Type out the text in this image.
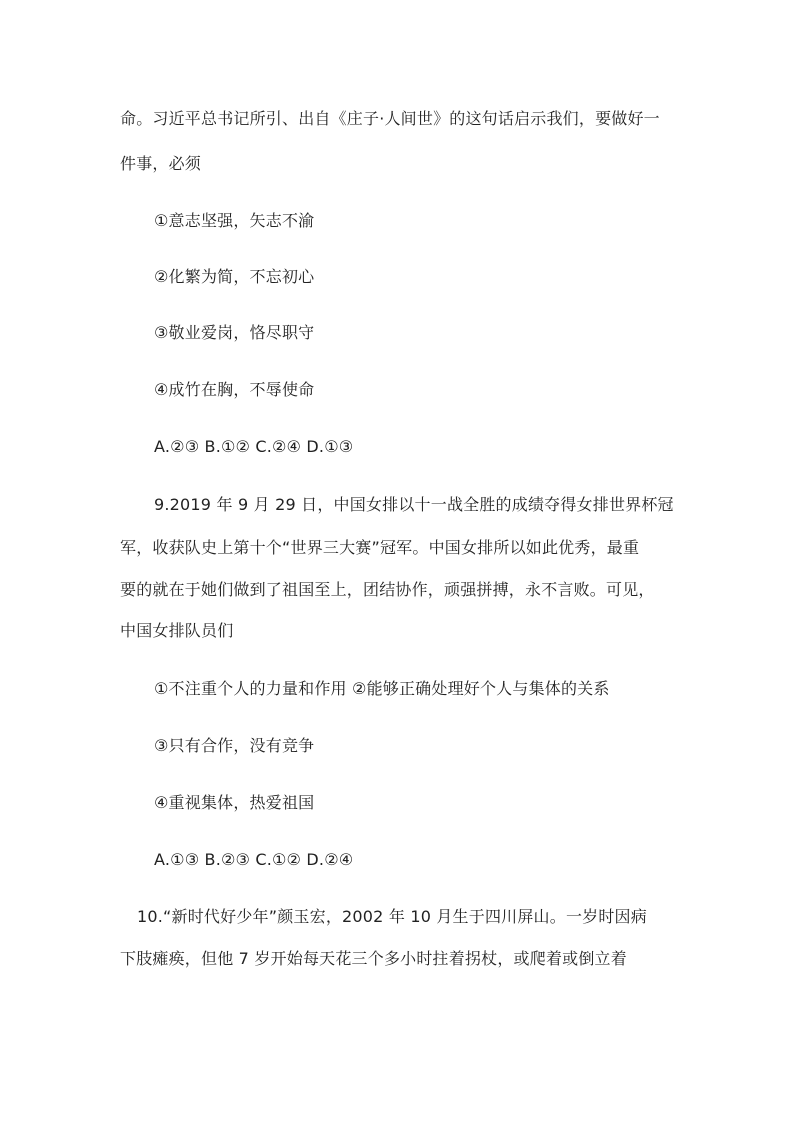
命。习近平总书记所引、出自《庄子·人间世》的这句话启示我们，要做好一
件事，必须
①意志坚强，矢志不渝
②化繁为简，不忘初心
③敬业爱岗，恪尽职守
④成竹在胸，不辱使命
A.②③ B.①② C.②④ D.①③
9.2019 年 9 月 29 日，中国女排以十一战全胜的成绩夺得女排世界杯冠
军，收获队史上第十个“世界三大赛”冠军。中国女排所以如此优秀，最重
要的就在于她们做到了祖国至上，团结协作，顽强拼搏，永不言败。可见，
中国女排队员们
①不注重个人的力量和作用 ②能够正确处理好个人与集体的关系
③只有合作，没有竞争
④重视集体，热爱祖国
A.①③ B.②③ C.①② D.②④
10.“新时代好少年”颜玉宏，2002 年 10 月生于四川屏山。一岁时因病
下肢瘫痪，但他 7 岁开始每天花三个多小时拄着拐杖，或爬着或倒立着
